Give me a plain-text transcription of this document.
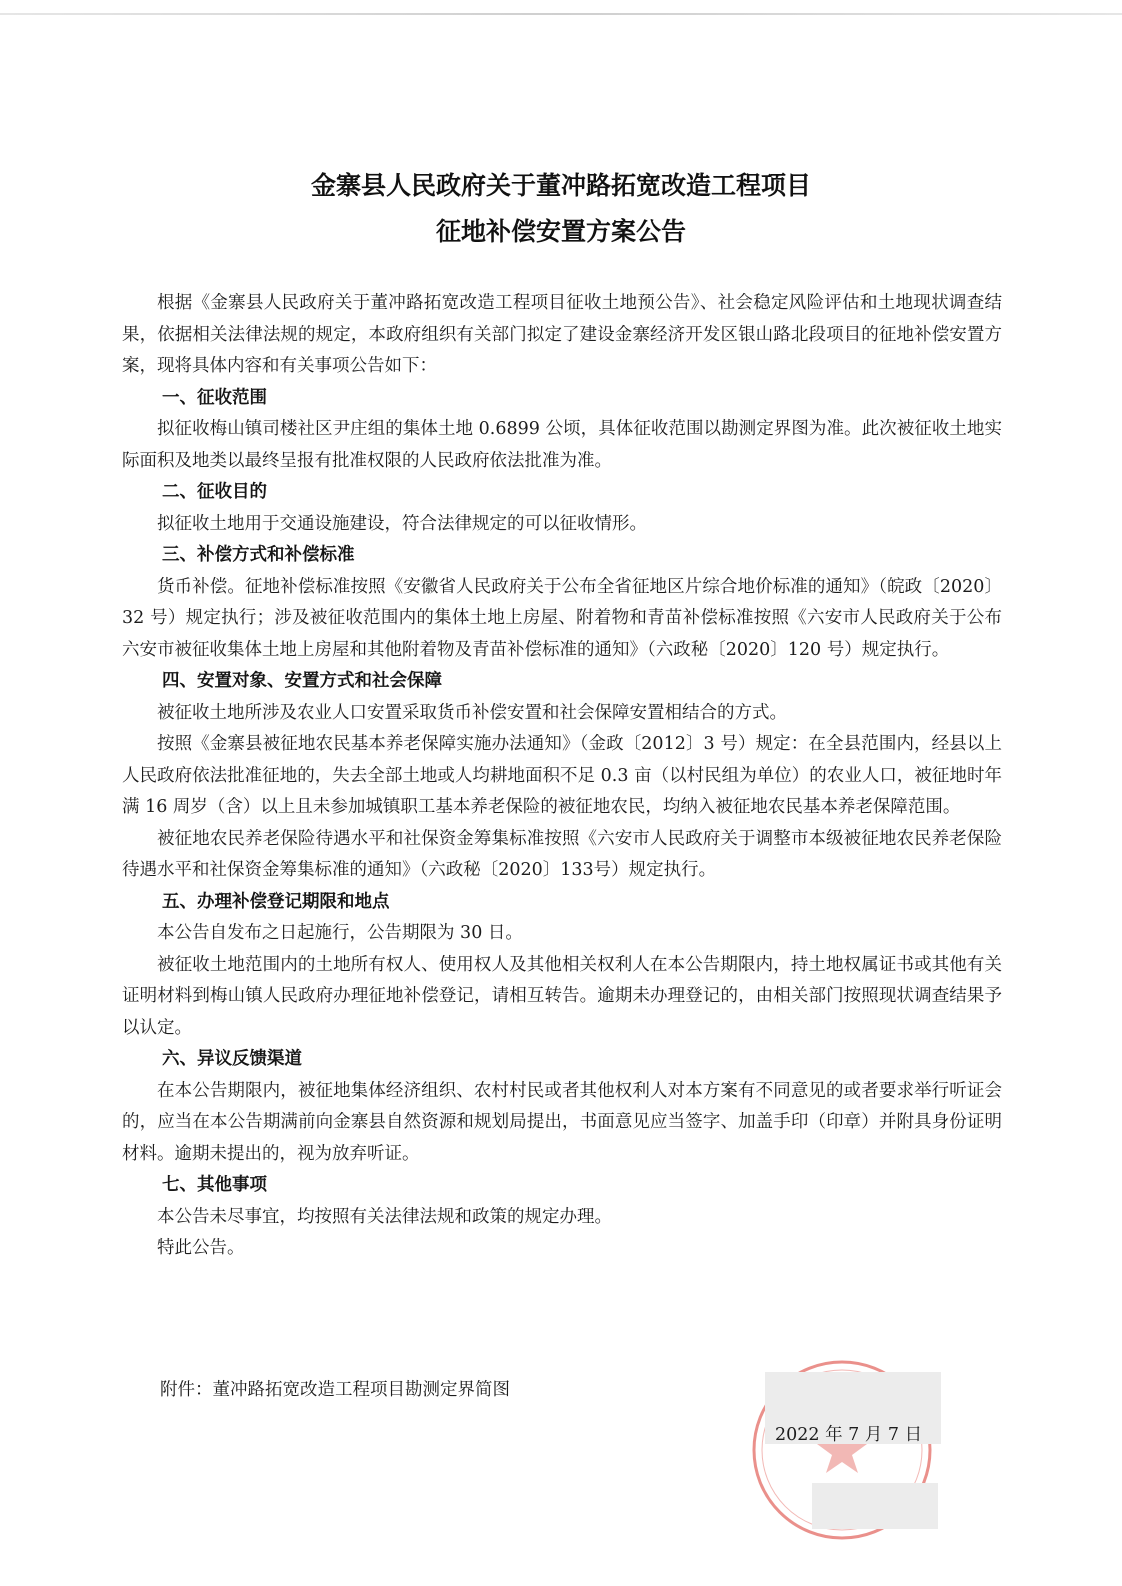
金寨县人民政府关于董冲路拓宽改造工程项目
征地补偿安置方案公告

根据《金寨县人民政府关于董冲路拓宽改造工程项目征收土地预公告》、社会稳定风险评估和土地现状调查结果，依据相关法律法规的规定，本政府组织有关部门拟定了建设金寨经济开发区银山路北段项目的征地补偿安置方案，现将具体内容和有关事项公告如下：

一、征收范围

拟征收梅山镇司楼社区尹庄组的集体土地 0.6899 公顷，具体征收范围以勘测定界图为准。此次被征收土地实际面积及地类以最终呈报有批准权限的人民政府依法批准为准。

二、征收目的

拟征收土地用于交通设施建设，符合法律规定的可以征收情形。

三、补偿方式和补偿标准

货币补偿。征地补偿标准按照《安徽省人民政府关于公布全省征地区片综合地价标准的通知》（皖政〔2020〕32 号）规定执行；涉及被征收范围内的集体土地上房屋、附着物和青苗补偿标准按照《六安市人民政府关于公布六安市被征收集体土地上房屋和其他附着物及青苗补偿标准的通知》（六政秘〔2020〕120 号）规定执行。

四、安置对象、安置方式和社会保障

被征收土地所涉及农业人口安置采取货币补偿安置和社会保障安置相结合的方式。

按照《金寨县被征地农民基本养老保障实施办法通知》（金政〔2012〕3 号）规定：在全县范围内，经县以上人民政府依法批准征地的，失去全部土地或人均耕地面积不足 0.3 亩（以村民组为单位）的农业人口，被征地时年满 16 周岁（含）以上且未参加城镇职工基本养老保险的被征地农民，均纳入被征地农民基本养老保障范围。

被征地农民养老保险待遇水平和社保资金筹集标准按照《六安市人民政府关于调整市本级被征地农民养老保险待遇水平和社保资金筹集标准的通知》（六政秘〔2020〕133号）规定执行。

五、办理补偿登记期限和地点

本公告自发布之日起施行，公告期限为 30 日。

被征收土地范围内的土地所有权人、使用权人及其他相关权利人在本公告期限内，持土地权属证书或其他有关证明材料到梅山镇人民政府办理征地补偿登记，请相互转告。逾期未办理登记的，由相关部门按照现状调查结果予以认定。

六、异议反馈渠道

在本公告期限内，被征地集体经济组织、农村村民或者其他权利人对本方案有不同意见的或者要求举行听证会的，应当在本公告期满前向金寨县自然资源和规划局提出，书面意见应当签字、加盖手印（印章）并附具身份证明材料。逾期未提出的，视为放弃听证。

七、其他事项

本公告未尽事宜，均按照有关法律法规和政策的规定办理。

特此公告。

附件：董冲路拓宽改造工程项目勘测定界简图
2022 年 7 月 7 日
